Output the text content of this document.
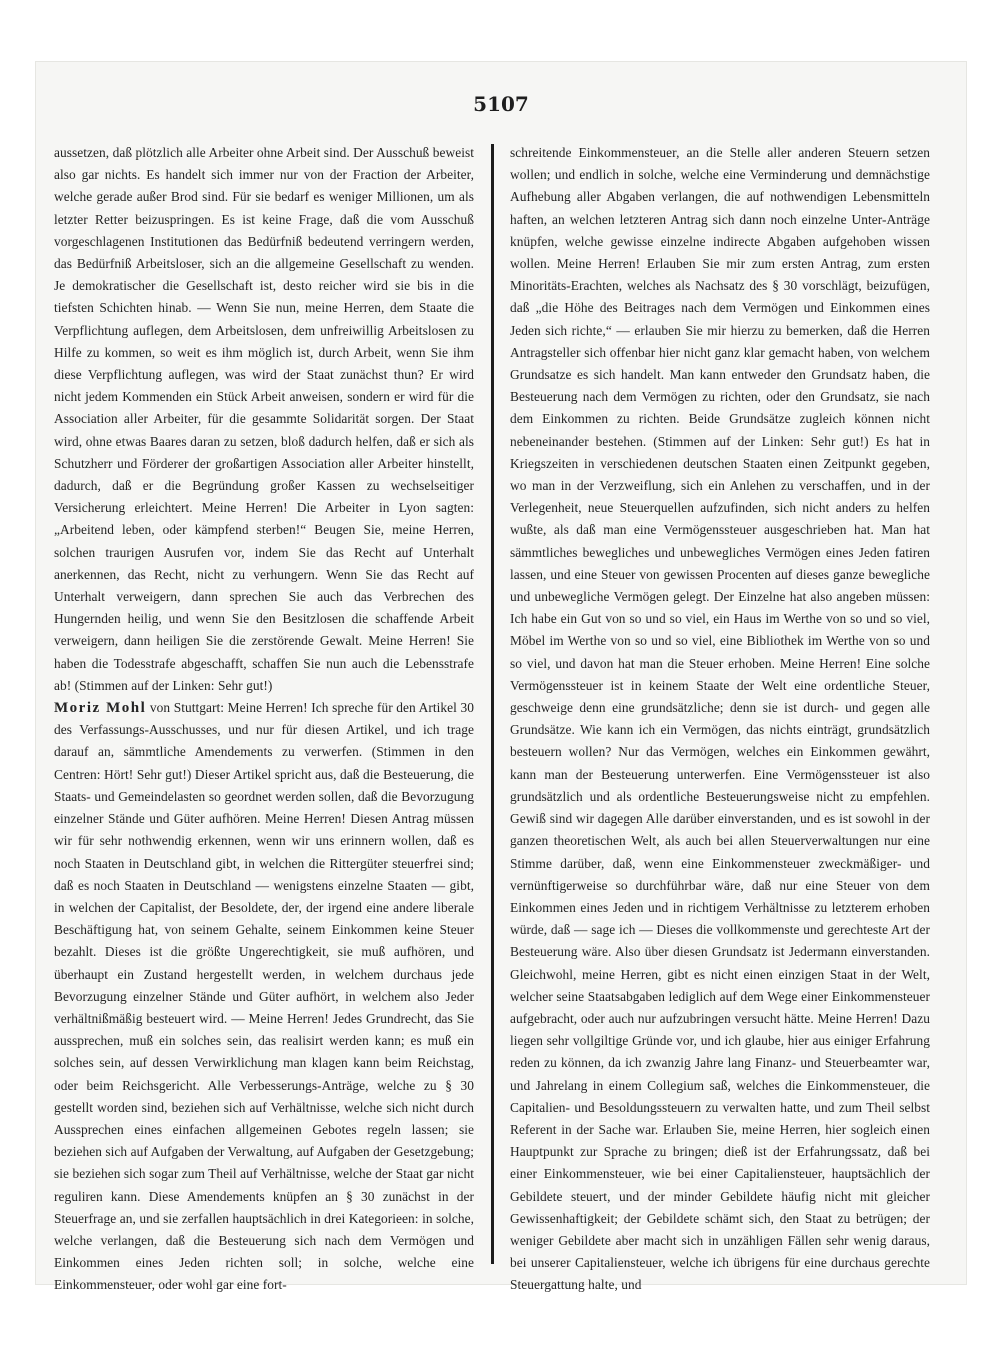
5107

aussetzen, daß plötzlich alle Arbeiter ohne Arbeit sind. Der Ausschuß beweist also gar nichts. Es handelt sich immer nur von der Fraction der Arbeiter, welche gerade außer Brod sind. Für sie bedarf es weniger Millionen, um als letzter Retter beizuspringen. Es ist keine Frage, daß die vom Ausschuß vorgeschlagenen Institutionen das Bedürfniß bedeutend verringern werden, das Bedürfniß Arbeitsloser, sich an die allgemeine Gesellschaft zu wenden. Je demokratischer die Gesellschaft ist, desto reicher wird sie bis in die tiefsten Schichten hinab. — Wenn Sie nun, meine Herren, dem Staate die Verpflichtung auflegen, dem Arbeitslosen, dem unfreiwillig Arbeitslosen zu Hilfe zu kommen, so weit es ihm möglich ist, durch Arbeit, wenn Sie ihm diese Verpflichtung auflegen, was wird der Staat zunächst thun? Er wird nicht jedem Kommenden ein Stück Arbeit anweisen, sondern er wird für die Association aller Arbeiter, für die gesammte Solidarität sorgen. Der Staat wird, ohne etwas Baares daran zu setzen, bloß dadurch helfen, daß er sich als Schutzherr und Förderer der großartigen Association aller Arbeiter hinstellt, dadurch, daß er die Begründung großer Kassen zu wechselseitiger Versicherung erleichtert. Meine Herren! Die Arbeiter in Lyon sagten: „Arbeitend leben, oder kämpfend sterben!“ Beugen Sie, meine Herren, solchen traurigen Ausrufen vor, indem Sie das Recht auf Unterhalt anerkennen, das Recht, nicht zu verhungern. Wenn Sie das Recht auf Unterhalt verweigern, dann sprechen Sie auch das Verbrechen des Hungernden heilig, und wenn Sie den Besitzlosen die schaffende Arbeit verweigern, dann heiligen Sie die zerstörende Gewalt. Meine Herren! Sie haben die Todesstrafe abgeschafft, schaffen Sie nun auch die Lebensstrafe ab! (Stimmen auf der Linken: Sehr gut!)

Moriz Mohl von Stuttgart: Meine Herren! Ich spreche für den Artikel 30 des Verfassungs-Ausschusses, und nur für diesen Artikel, und ich trage darauf an, sämmtliche Amendements zu verwerfen. (Stimmen in den Centren: Hört! Sehr gut!) Dieser Artikel spricht aus, daß die Besteuerung, die Staats- und Gemeindelasten so geordnet werden sollen, daß die Bevorzugung einzelner Stände und Güter aufhören. Meine Herren! Diesen Antrag müssen wir für sehr nothwendig erkennen, wenn wir uns erinnern wollen, daß es noch Staaten in Deutschland gibt, in welchen die Rittergüter steuerfrei sind; daß es noch Staaten in Deutschland — wenigstens einzelne Staaten — gibt, in welchen der Capitalist, der Besoldete, der, der irgend eine andere liberale Beschäftigung hat, von seinem Gehalte, seinem Einkommen keine Steuer bezahlt. Dieses ist die größte Ungerechtigkeit, sie muß aufhören, und überhaupt ein Zustand hergestellt werden, in welchem durchaus jede Bevorzugung einzelner Stände und Güter aufhört, in welchem also Jeder verhältnißmäßig besteuert wird. — Meine Herren! Jedes Grundrecht, das Sie aussprechen, muß ein solches sein, das realisirt werden kann; es muß ein solches sein, auf dessen Verwirklichung man klagen kann beim Reichstag, oder beim Reichsgericht. Alle Verbesserungs-Anträge, welche zu § 30 gestellt worden sind, beziehen sich auf Verhältnisse, welche sich nicht durch Aussprechen eines einfachen allgemeinen Gebotes regeln lassen; sie beziehen sich auf Aufgaben der Verwaltung, auf Aufgaben der Gesetzgebung; sie beziehen sich sogar zum Theil auf Verhältnisse, welche der Staat gar nicht reguliren kann. Diese Amendements knüpfen an § 30 zunächst in der Steuerfrage an, und sie zerfallen hauptsächlich in drei Kategorieen: in solche, welche verlangen, daß die Besteuerung sich nach dem Vermögen und Einkommen eines Jeden richten soll; in solche, welche eine Einkommensteuer, oder wohl gar eine fort-

schreitende Einkommensteuer, an die Stelle aller anderen Steuern setzen wollen; und endlich in solche, welche eine Verminderung und demnächstige Aufhebung aller Abgaben verlangen, die auf nothwendigen Lebensmitteln haften, an welchen letzteren Antrag sich dann noch einzelne Unter-Anträge knüpfen, welche gewisse einzelne indirecte Abgaben aufgehoben wissen wollen. Meine Herren! Erlauben Sie mir zum ersten Antrag, zum ersten Minoritäts-Erachten, welches als Nachsatz des § 30 vorschlägt, beizufügen, daß „die Höhe des Beitrages nach dem Vermögen und Einkommen eines Jeden sich richte,“ — erlauben Sie mir hierzu zu bemerken, daß die Herren Antragsteller sich offenbar hier nicht ganz klar gemacht haben, von welchem Grundsatze es sich handelt. Man kann entweder den Grundsatz haben, die Besteuerung nach dem Vermögen zu richten, oder den Grundsatz, sie nach dem Einkommen zu richten. Beide Grundsätze zugleich können nicht nebeneinander bestehen. (Stimmen auf der Linken: Sehr gut!) Es hat in Kriegszeiten in verschiedenen deutschen Staaten einen Zeitpunkt gegeben, wo man in der Verzweiflung, sich ein Anlehen zu verschaffen, und in der Verlegenheit, neue Steuerquellen aufzufinden, sich nicht anders zu helfen wußte, als daß man eine Vermögenssteuer ausgeschrieben hat. Man hat sämmtliches bewegliches und unbewegliches Vermögen eines Jeden fatiren lassen, und eine Steuer von gewissen Procenten auf dieses ganze bewegliche und unbewegliche Vermögen gelegt. Der Einzelne hat also angeben müssen: Ich habe ein Gut von so und so viel, ein Haus im Werthe von so und so viel, Möbel im Werthe von so und so viel, eine Bibliothek im Werthe von so und so viel, und davon hat man die Steuer erhoben. Meine Herren! Eine solche Vermögenssteuer ist in keinem Staate der Welt eine ordentliche Steuer, geschweige denn eine grundsätzliche; denn sie ist durch- und gegen alle Grundsätze. Wie kann ich ein Vermögen, das nichts einträgt, grundsätzlich besteuern wollen? Nur das Vermögen, welches ein Einkommen gewährt, kann man der Besteuerung unterwerfen. Eine Vermögenssteuer ist also grundsätzlich und als ordentliche Besteuerungsweise nicht zu empfehlen. Gewiß sind wir dagegen Alle darüber einverstanden, und es ist sowohl in der ganzen theoretischen Welt, als auch bei allen Steuerverwaltungen nur eine Stimme darüber, daß, wenn eine Einkommensteuer zweckmäßiger- und vernünftigerweise so durchführbar wäre, daß nur eine Steuer von dem Einkommen eines Jeden und in richtigem Verhältnisse zu letzterem erhoben würde, daß — sage ich — Dieses die vollkommenste und gerechteste Art der Besteuerung wäre. Also über diesen Grundsatz ist Jedermann einverstanden. Gleichwohl, meine Herren, gibt es nicht einen einzigen Staat in der Welt, welcher seine Staatsabgaben lediglich auf dem Wege einer Einkommensteuer aufgebracht, oder auch nur aufzubringen versucht hätte. Meine Herren! Dazu liegen sehr vollgiltige Gründe vor, und ich glaube, hier aus einiger Erfahrung reden zu können, da ich zwanzig Jahre lang Finanz- und Steuerbeamter war, und Jahrelang in einem Collegium saß, welches die Einkommensteuer, die Capitalien- und Besoldungssteuern zu verwalten hatte, und zum Theil selbst Referent in der Sache war. Erlauben Sie, meine Herren, hier sogleich einen Hauptpunkt zur Sprache zu bringen; dieß ist der Erfahrungssatz, daß bei einer Einkommensteuer, wie bei einer Capitaliensteuer, hauptsächlich der Gebildete steuert, und der minder Gebildete häufig nicht mit gleicher Gewissenhaftigkeit; der Gebildete schämt sich, den Staat zu betrügen; der weniger Gebildete aber macht sich in unzähligen Fällen sehr wenig daraus, bei unserer Capitaliensteuer, welche ich übrigens für eine durchaus gerechte Steuergattung halte, und
